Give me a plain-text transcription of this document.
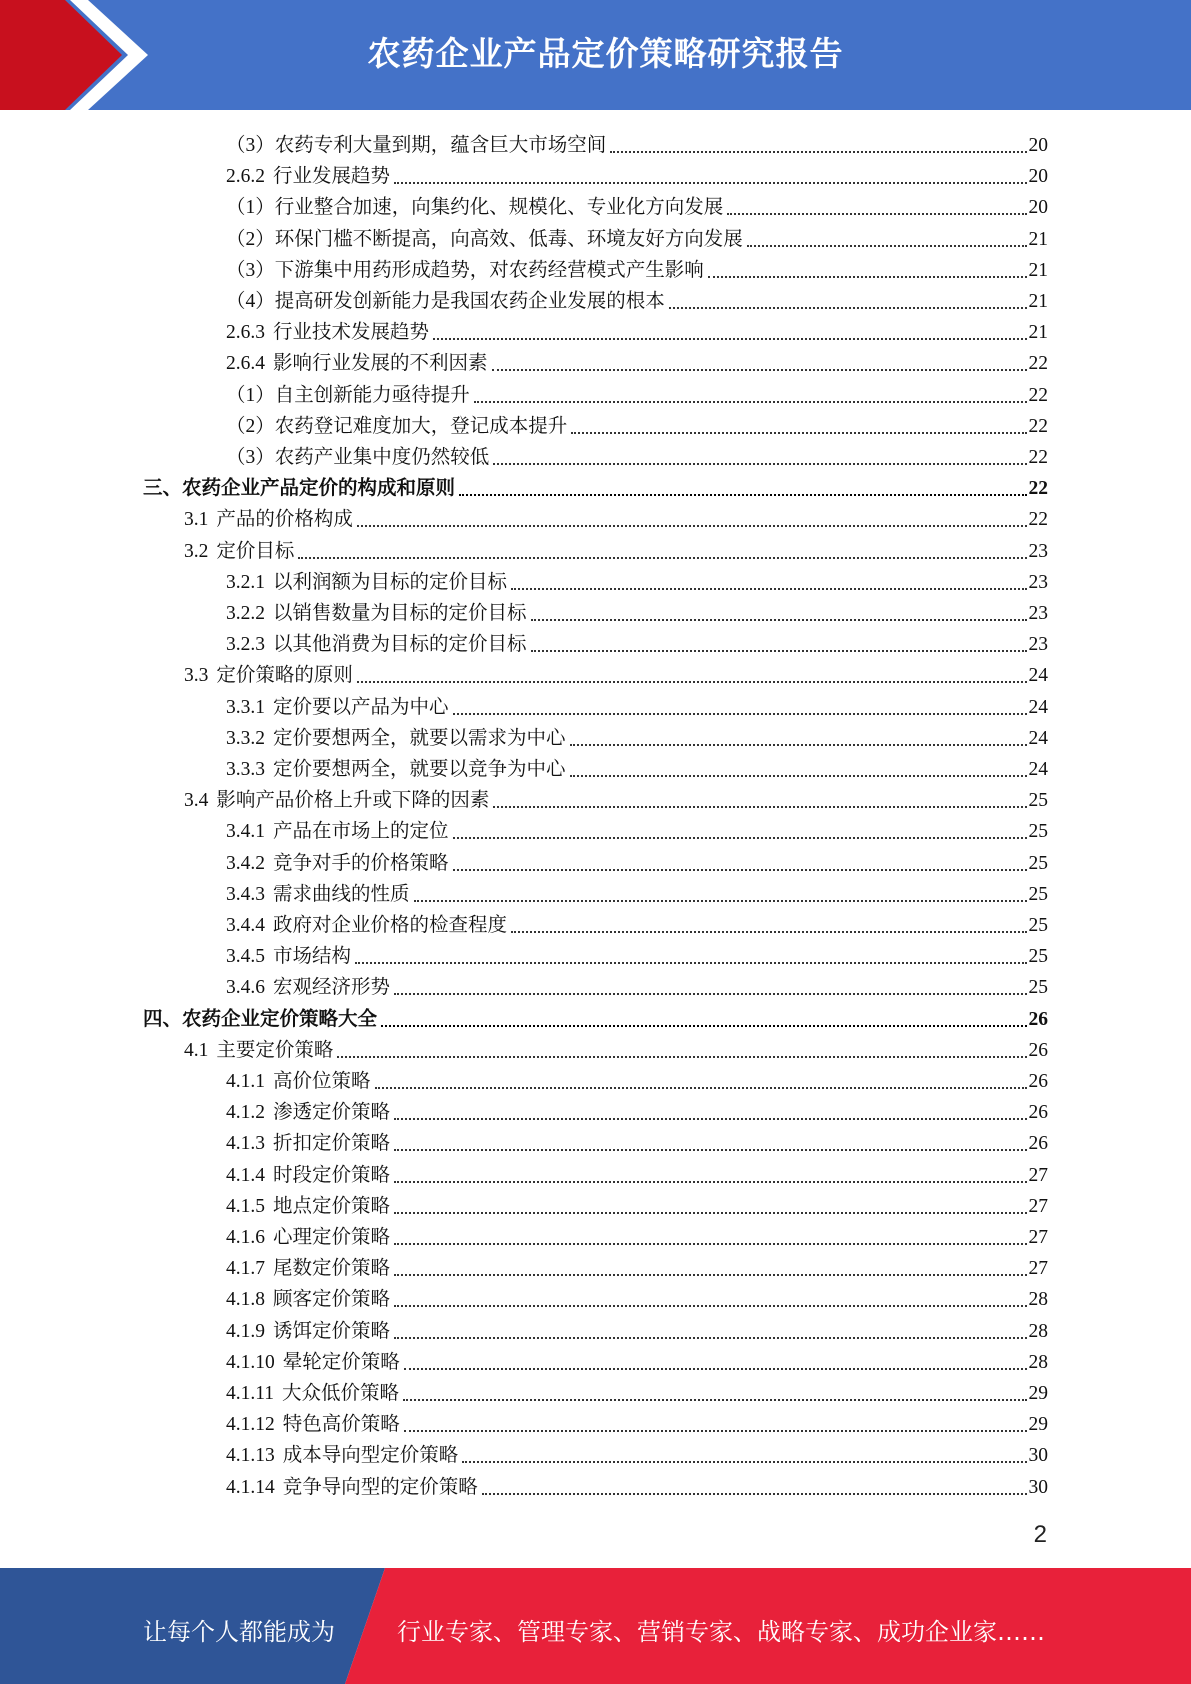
农药企业产品定价策略研究报告
（3） 农药专利大量到期，蕴含巨大市场空间	20
2.6.2 行业发展趋势	20
（1） 行业整合加速，向集约化、规模化、专业化方向发展	20
（2） 环保门槛不断提高，向高效、低毒、环境友好方向发展	21
（3） 下游集中用药形成趋势，对农药经营模式产生影响	21
（4） 提高研发创新能力是我国农药企业发展的根本	21
2.6.3 行业技术发展趋势	21
2.6.4 影响行业发展的不利因素	22
（1） 自主创新能力亟待提升	22
（2） 农药登记难度加大，登记成本提升	22
（3） 农药产业集中度仍然较低	22
三、 农药企业产品定价的构成和原则	22
3.1 产品的价格构成	22
3.2 定价目标	23
3.2.1 以利润额为目标的定价目标	23
3.2.2 以销售数量为目标的定价目标	23
3.2.3 以其他消费为目标的定价目标	23
3.3 定价策略的原则	24
3.3.1 定价要以产品为中心	24
3.3.2 定价要想两全，就要以需求为中心	24
3.3.3 定价要想两全，就要以竞争为中心	24
3.4 影响产品价格上升或下降的因素	25
3.4.1 产品在市场上的定位	25
3.4.2 竞争对手的价格策略	25
3.4.3 需求曲线的性质	25
3.4.4 政府对企业价格的检查程度	25
3.4.5 市场结构	25
3.4.6 宏观经济形势	25
四、 农药企业定价策略大全	26
4.1 主要定价策略	26
4.1.1 高价位策略	26
4.1.2 渗透定价策略	26
4.1.3 折扣定价策略	26
4.1.4 时段定价策略	27
4.1.5 地点定价策略	27
4.1.6 心理定价策略	27
4.1.7 尾数定价策略	27
4.1.8 顾客定价策略	28
4.1.9 诱饵定价策略	28
4.1.10 晕轮定价策略	28
4.1.11 大众低价策略	29
4.1.12 特色高价策略	29
4.1.13 成本导向型定价策略	30
4.1.14 竞争导向型的定价策略	30
2
让每个人都能成为	行业专家、管理专家、营销专家、战略专家、成功企业家……
